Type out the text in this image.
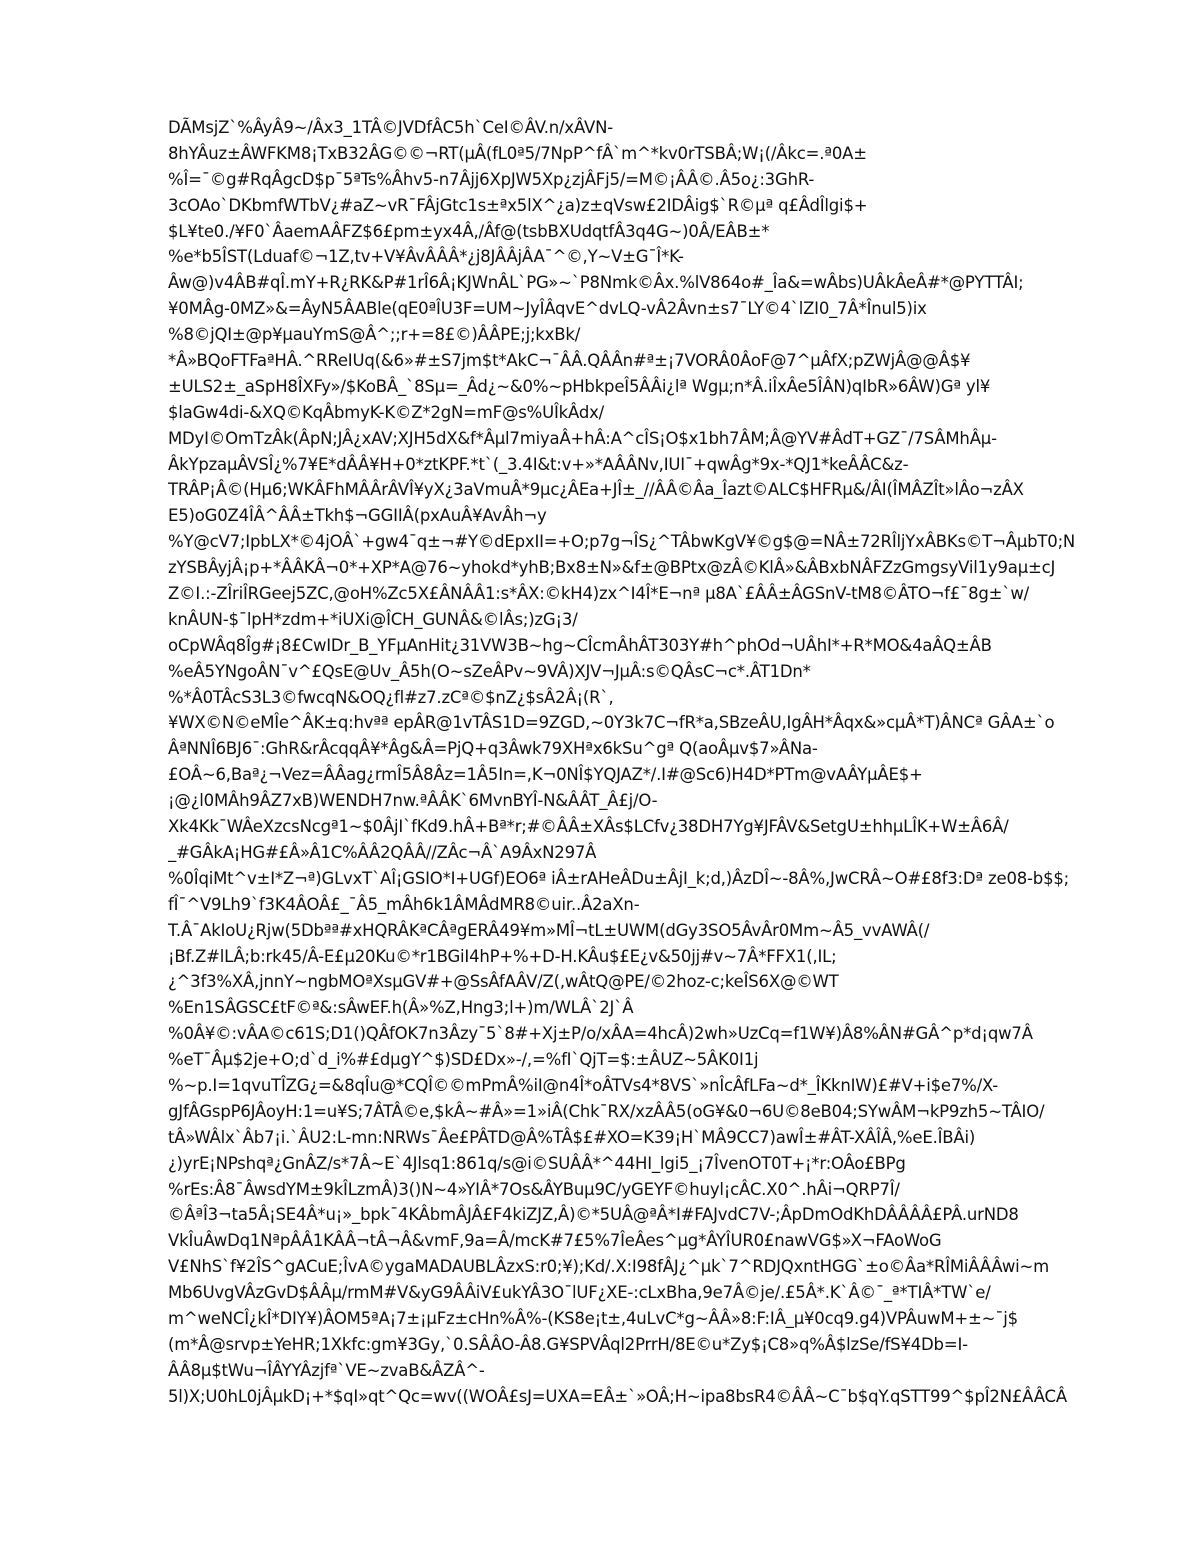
DÃMsjZ`%ÂyÂ9~/Âx3_1TÂ©JVDfÂC5h`CeI©ÂV.n/xÂVN-
8hYÂuz±ÂWFKM8¡TxB32ÂG©©¬RT(µÂ(fL0ª5/7NpP^fÂ`m^*kv0rTSBÂ;W¡(/Âkc=.ª0A±
%Î=¯©g#RqÂgcD$p¯5ªTs%Âhv5-n7Âjj6XpJW5Xp¿zjÂFj5/=M©¡ÂÂ©.Â5o¿:3GhR-
3cOAo`DKbmfWTbV¿#aZ~vR¯FÂjGtc1s±ªx5lX^¿a)z±qVsw£2IDÂig$`R©µª q£ÂdÎlgi$+
$L¥te0./¥F0`ÂaemAÂFZ$6£pm±yx4Â,/Âf@(tsbBXUdqtfÂ3q4G~)0Â/EÂB±*
%e*b5ÎST(Lduaf©¬1Z,tv+V¥ÂvÂÂÂ*¿j8JÂÂjÂA¯^©,Y~V±G¯Î*K-
Âw@)v4ÂB#qÎ.mY+R¿RK&P#1rÎ6Â¡KJWnÂL`PG»~`P8Nmk©Âx.%lV864o#_Îa&=wÂbs)UÂkÂeÂ#*@PYTTÂI;
¥0MÂg-0MZ»&=ÂyN5ÂABle(qE0ªÎU3F=UM~JyÎÂqvE^dvLQ-vÂ2Âvn±s7¯LY©4`lZI0_7Â*Înul5)ix
%8©jQI±@p¥µauYmS@Â^;;r+=8£©)ÂÂPE;j;kxBk/
*Â»BQoFTFaªHÂ.^RReIUq(&6»#±S7jm$t*AkC¬¯ÂÂ.QÂÂn#ª±¡7VORÂ0ÂoF@7^µÂfX;pZWjÂ@@Â$¥
±ULS2±_aSpH8ÎXFy»/$KoBÂ_`8Sµ=_Âd¿~&0%~pHbkpeÎ5ÂÂi¿lª Wgµ;n*Â.iÎxÂe5ÎÂN)qIbR»6ÂW)Gª yl¥
$laGw4di-&XQ©KqÂbmyK-K©Z*2gN=mF@s%UÎkÂdx/
MDyI©OmTzÂk(ÂpN;JÂ¿xAV;XJH5dX&f*Âµl7miyaÂ+hÂ:A^cÎS¡O$x1bh7ÂM;Â@YV#ÂdT+GZ¯/7SÂMhÂµ-
ÂkYpzaµÂVSÎ¿%7¥E*dÂÂ¥H+0*ztKPF.*t`(_3.4I&t:v+»*AÂÂNv,IUI¯+qwÂg*9x-*QJ1*keÂÂC&z-
TRÂP¡Â©(Hµ6;WKÂFhMÂÂrÂVÎ¥yX¿3aVmuÂ*9µc¿ÂEa+JÎ±_//ÂÂ©Âa_Îazt©ALC$HFRµ&/ÂI(ÎMÂZÎt»lÂo¬zÂX
E5)oG0Z4ÎÂ^ÂÂ±Tkh$¬GGIIÂ(pxAuÂ¥AvÂh¬y
%Y@cV7;IpbLX*©4jOÂ`+gw4¯q±¬#Y©dEpxII=+O;p7g¬ÎS¿^TÂbwKgV¥©g$@=NÂ±72RÎljYxÂBKs©T¬ÂµbT0;N
zYSBÂyjÂ¡p+*ÂÂKÂ¬0*+XP*A@76~yhokd*yhB;Bx8±N»&f±@BPtx@zÂ©KlÂ»&ÂBxbNÂFZzGmgsyVil1y9aµ±cJ
Z©I.:-ZÎriÎRGeej5ZC,@oH%Zc5X£ÂNÂÂ1:s*ÂX:©kH4)zx^I4Î*E¬nª µ8A`£ÂÂ±ÂGSnV-tM8©ÂTO¬f£¯8g±`w/
knÂUN-$¯lpH*zdm+*iUXi@ÎCH_GUNÂ&©lÂs;)zG¡3/
oCpWÂq8Îg#¡8£CwIDr_B_YFµAnHit¿31VW3B~hg~CÎcmÂhÂT303Y#h^phOd¬UÂhI*+R*MO&4aÂQ±ÂB
%eÂ5YNgoÂN¯v^£QsE@Uv_Â5h(O~sZeÂPv~9VÂ)XJV¬JµÂ:s©QÂsC¬c*.ÂT1Dn*
%*Â0TÂcS3L3©fwcqN&OQ¿fl#z7.zCª©$nZ¿$sÂ2Â¡(R`,
¥WX©N©eMÎe^ÂK±q:hvªª epÂR@1vTÂS1D=9ZGD,~0Y3k7C¬fR*a,SBzeÂU,IgÂH*Âqx&»cµÂ*T)ÂNCª GÂA±`o
ÂªNNÎ6BJ6¯:GhR&rÂcqqÂ¥*Âg&Â=PjQ+q3Âwk79XHªx6kSu^gª Q(aoÂµv$7»ÂNa-
£OÂ~6,Baª¿¬Vez=ÂÂag¿rmÎ5Â8Âz=1Â5In=,K¬0NÎ$YQJAZ*/.I#@Sc6)H4D*PTm@vAÂYµÂE$+
¡@¿l0MÂh9ÂZ7xB)WENDH7nw.ªÂÂK`6MvnBYÎ-N&ÂÂT_Â£j/O-
Xk4Kk¯WÂeXzcsNcgª1~$0ÂjI`fKd9.hÂ+Bª*r;#©ÂÂ±XÂs$LCfv¿38DH7Yg¥JFÂV&SetgU±hhµLÎK+W±Â6Â/
_#GÂkA¡HG#£Â»Â1C%ÂÂ2QÂÂ//ZÂc¬Â`A9ÂxN297Â
%0ÎqiMt^v±I*Z¬ª)GLvxT`AÎ¡GSIO*I+UGf)EO6ª iÂ±rAHeÂDu±ÂjI_k;d,)ÂzDÎ~-8Â%,JwCRÂ~O#£8f3:Dª ze08-b$$;
fÎ¯^V9Lh9`f3K4ÂOÂ£_¯Â5_mÂh6k1ÂMÂdMR8©uir..Â2aXn-
T.Â¯AkIoU¿Rjw(5Dbªª#xHQRÂKªCÂªgERÂ49¥m»MÎ¬tL±UWM(dGy3SO5ÂvÂr0Mm~Â5_vvAWÂ(/
¡Bf.Z#lLÂ;b:rk45/Â-E£µ20Ku©*r1BGiI4hP+%+D-H.KÂu$£E¿v&50jj#v~7Â*FFX1(,IL;
¿^3f3%XÂ,jnnY~ngbMOªXsµGV#+@SsÂfAÂV/Z(,wÂtQ@PE/©2hoz-c;keÎS6X@©WT
%En1SÂGSC£tF©ª&:sÂwEF.h(Â»%Z,Hng3;l+)m/WLÂ`2J`Â
%0Â¥©:vÂA©c61S;D1()QÂfOK7n3Âzy¯5`8#+Xj±P/o/xÂA=4hcÂ)2wh»UzCq=f1W¥)Â8%ÂN#GÂ^p*d¡qw7Â
%eT¯Âµ$2je+O;d`d_i%#£dµgY^$)SD£Dx»-/,=%fI`QjT=$:±ÂUZ~5ÂK0I1j
%~p.I=1qvuTÎZG¿=&8qÎu@*CQÎ©©mPmÂ%iI@n4Î*oÂTVs4*8VS`»nÎcÂfLFa~d*_ÎKknIW)£#V+i$e7%/X-
gJfÂGspP6JÂoyH:1=u¥S;7ÂTÂ©e,$kÂ~#Â»=1»iÂ(Chk¯RX/xzÂÂ5(oG¥&0¬6U©8eB04;SYwÂM¬kP9zh5~TÂIO/
tÂ»WÂlx`Âb7¡i.`ÂU2:L-mn:NRWs¯Âe£PÂTD@Â%TÂ$£#XO=K39¡H`MÂ9CC7)awÎ±#ÂT-XÂÎÂ,%eE.ÎBÂi)
¿)yrE¡NPshqª¿GnÂZ/s*7Â~E`4Jlsq1:861q/s@i©SUÂÂ*^44HI_lgi5_¡7ÎvenOT0T+¡*r:OÂo£BPg
%rEs:Â8¯ÂwsdYM±9kÎLzmÂ)3()N~4»YIÂ*7Os&ÂYBuµ9C/yGEYF©huyl¡cÂC.X0^.hÂi¬QRP7Î/
©ÂªÎ3¬ta5Â¡SE4Â*u¡»_bpk¯4KÂbmÂJÂ£F4kiZJZ,Â)©*5UÂ@ªÂ*I#FAJvdC7V-;ÂpDmOdKhDÂÂÂÂ£PÂ.urND8
VkÎuÂwDq1NªpÂÂ1KÂÂ¬tÂ¬Â&vmF,9a=Â/mcK#7£5%7ÎeÂes^µg*ÂYÎUR0£nawVG$»X¬FAoWoG
V£NhS`f¥2ÎS^gACuE;ÎvA©ygaMADAUBLÂzxS:r0;¥);Kd/.X:I98fÂJ¿^µk`7^RDJQxntHGG`±o©Âa*RÎMiÂÂÂwi~m
Mb6UvgVÂzGvD$ÂÂµ/rmM#V&yG9ÂÂiV£ukYÂ3O¯lUF¿XE-:cLxBha,9e7Â©je/.£5Â*.K`Â©¯_ª*TIÂ*TW`e/
m^weNCÎ¿kÎ*DIY¥)ÂOM5ªA¡7±¡µFz±cHn%Â%-(KS8e¡t±,4uLvC*g~ÂÂ»8:F:IÂ_µ¥0cq9.g4)VPÂuwM+±~¯j$
(m*Â@srvp±YeHR;1Xkfc:gm¥3Gy,`0.SÂÂO-Â8.G¥SPVÂql2PrrH/8E©u*Zy$¡C8»q%Â$lzSe/fS¥4Db=I-
ÂÂ8µ$tWu¬ÎÂYYÂzjfª`VE~zvaB&ÂZÂ^-
5l)X;U0hL0jÂµkD¡+*$qI»qt^Qc=wv((WOÂ£sJ=UXA=EÂ±`»OÂ;H~ipa8bsR4©ÂÂ~C¯b$qY.qSTT99^$pÎ2N£ÂÂCÂ
